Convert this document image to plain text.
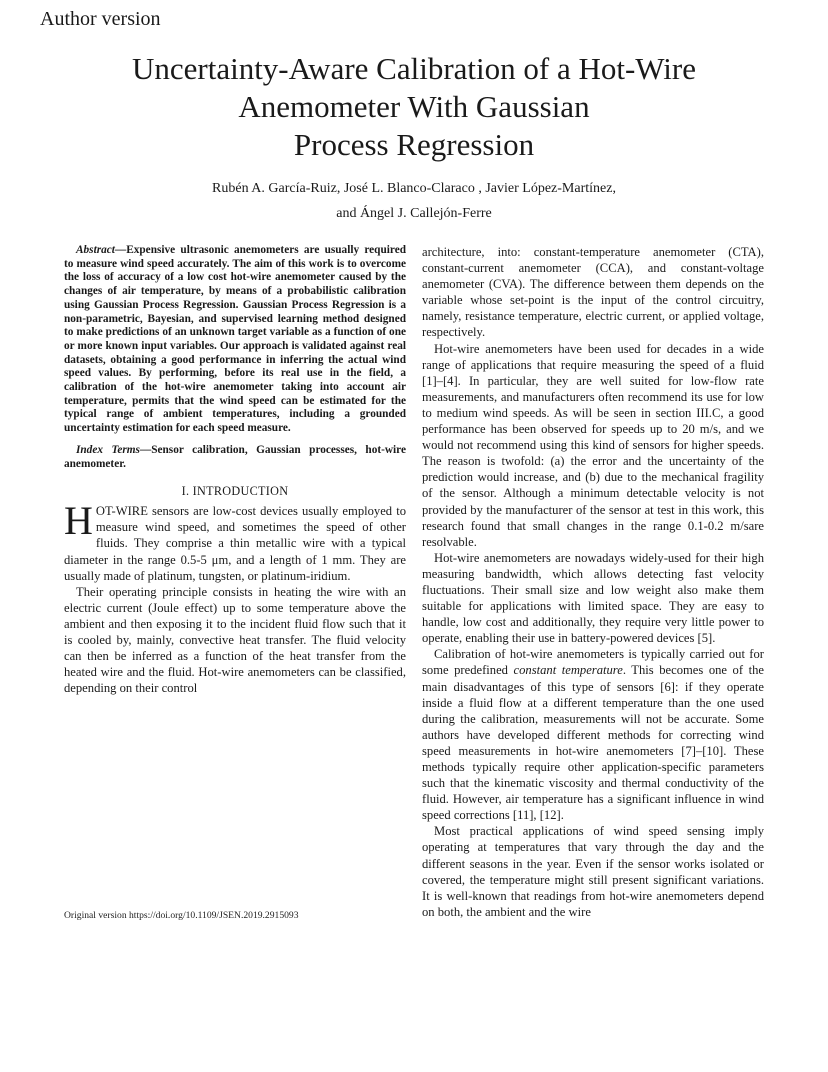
Author version
Uncertainty-Aware Calibration of a Hot-Wire
Anemometer With Gaussian
Process Regression
Rubén A. García-Ruiz, José L. Blanco-Claraco , Javier López-Martínez,
and Ángel J. Callejón-Ferre

Abstract—Expensive ultrasonic anemometers are usually required to measure wind speed accurately. The aim of this work is to overcome the loss of accuracy of a low cost hot-wire anemometer caused by the changes of air temperature, by means of a probabilistic calibration using Gaussian Process Regression. Gaussian Process Regression is a non-parametric, Bayesian, and supervised learning method designed to make predictions of an unknown target variable as a function of one or more known input variables. Our approach is validated against real datasets, obtaining a good performance in inferring the actual wind speed values. By performing, before its real use in the field, a calibration of the hot-wire anemometer taking into account air temperature, permits that the wind speed can be estimated for the typical range of ambient temperatures, including a grounded uncertainty estimation for each speed measure.

Index Terms—Sensor calibration, Gaussian processes, hot-wire anemometer.

I. INTRODUCTION

HOT-WIRE sensors are low-cost devices usually employed to measure wind speed, and sometimes the speed of other fluids. They comprise a thin metallic wire with a typical diameter in the range 0.5-5 μm, and a length of 1 mm. They are usually made of platinum, tungsten, or platinum-iridium.

Their operating principle consists in heating the wire with an electric current (Joule effect) up to some temperature above the ambient and then exposing it to the incident fluid flow such that it is cooled by, mainly, convective heat transfer. The fluid velocity can then be inferred as a function of the heat transfer from the heated wire and the fluid. Hot-wire anemometers can be classified, depending on their control

architecture, into: constant-temperature anemometer (CTA), constant-current anemometer (CCA), and constant-voltage anemometer (CVA). The difference between them depends on the variable whose set-point is the input of the control circuitry, namely, resistance temperature, electric current, or applied voltage, respectively.

Hot-wire anemometers have been used for decades in a wide range of applications that require measuring the speed of a fluid [1]–[4]. In particular, they are well suited for low-flow rate measurements, and manufacturers often recommend its use for low to medium wind speeds. As will be seen in section III.C, a good performance has been observed for speeds up to 20 m/s, and we would not recommend using this kind of sensors for higher speeds. The reason is twofold: (a) the error and the uncertainty of the prediction would increase, and (b) due to the mechanical fragility of the sensor. Although a minimum detectable velocity is not provided by the manufacturer of the sensor at test in this work, this research found that small changes in the range 0.1-0.2 m/sare resolvable.

Hot-wire anemometers are nowadays widely-used for their high measuring bandwidth, which allows detecting fast velocity fluctuations. Their small size and low weight also make them suitable for applications with limited space. They are easy to handle, low cost and additionally, they require very little power to operate, enabling their use in battery-powered devices [5].

Calibration of hot-wire anemometers is typically carried out for some predefined constant temperature. This becomes one of the main disadvantages of this type of sensors [6]: if they operate inside a fluid flow at a different temperature than the one used during the calibration, measurements will not be accurate. Some authors have developed different methods for correcting wind speed measurements in hot-wire anemometers [7]–[10]. These methods typically require other application-specific parameters such that the kinematic viscosity and thermal conductivity of the fluid. However, air temperature has a significant influence in wind speed corrections [11], [12].

Most practical applications of wind speed sensing imply operating at temperatures that vary through the day and the different seasons in the year. Even if the sensor works isolated or covered, the temperature might still present significant variations. It is well-known that readings from hot-wire anemometers depend on both, the ambient and the wire

Original version https://doi.org/10.1109/JSEN.2019.2915093
